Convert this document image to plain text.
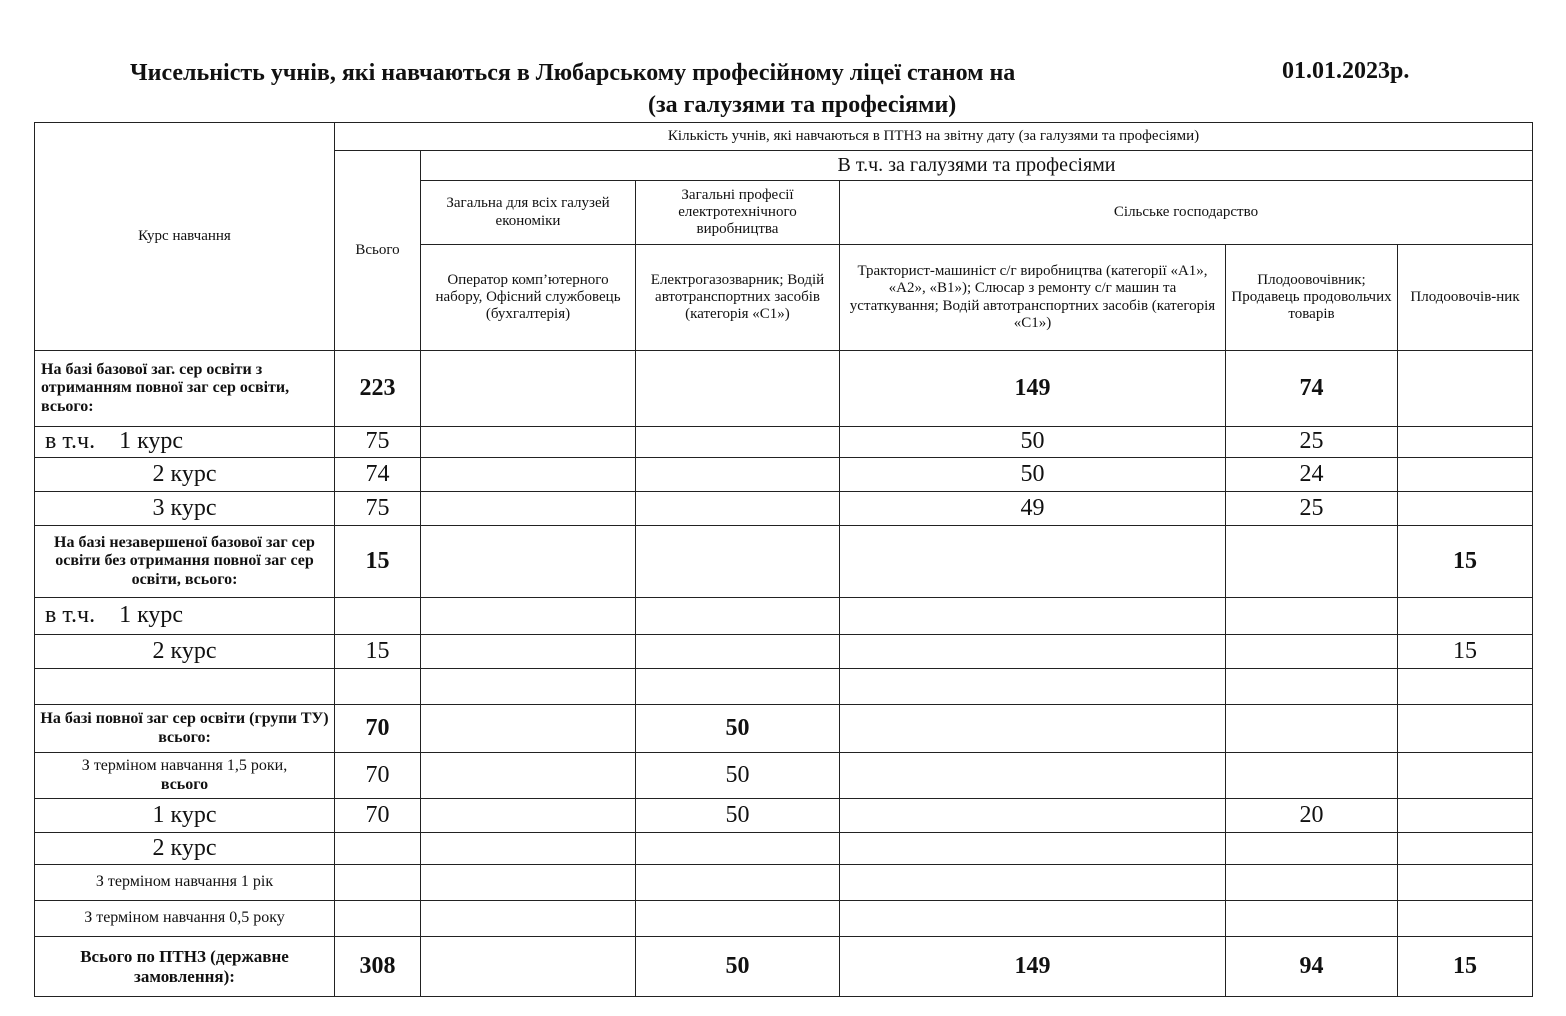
Чисельність учнів, які навчаються в Любарському професійному ліцеї станом на	01.01.2023р.
(за галузями та професіями)
Курс навчання	Кількість учнів, які навчаються в ПТНЗ на звітну дату (за галузями та професіями)					
	Всього	В т.ч. за галузями та професіями				
		Загальна для всіх галузей економіки	Загальні професії електротехнічного виробництва	Сільське господарство		
		Оператор комп’ютерного набору, Офісний службовець (бухгалтерія)	Електрогазозварник; Водій автотранспортних засобів (категорія «С1»)	Тракторист-машиніст с/г виробництва (категорії «А1», «А2», «В1»); Слюсар з ремонту с/г машин та устаткування; Водій автотранспортних засобів (категорія «С1»)	Плодоовочівник; Продавець продовольчих товарів	Плодоовочів-ник
На базі базової заг. сер освіти з отриманням повної заг сер освіти, всього:	223			149	74	
в т.ч.    1 курс	75			50	25	
2 курс	74			50	24	
3 курс	75			49	25	
На базі незавершеної базової заг сер освіти без отримання повної заг сер освіти, всього:	15					15
в т.ч.    1 курс						
2 курс	15					15

На базі повної заг сер освіти (групи ТУ) всього:	70		50			
З терміном навчання 1,5 роки,
всього	70		50			
1 курс	70		50		20	
2 курс						
З терміном навчання 1 рік						
З терміном навчання 0,5 року						
Всього по ПТНЗ (державне замовлення):	308		50	149	94	15
